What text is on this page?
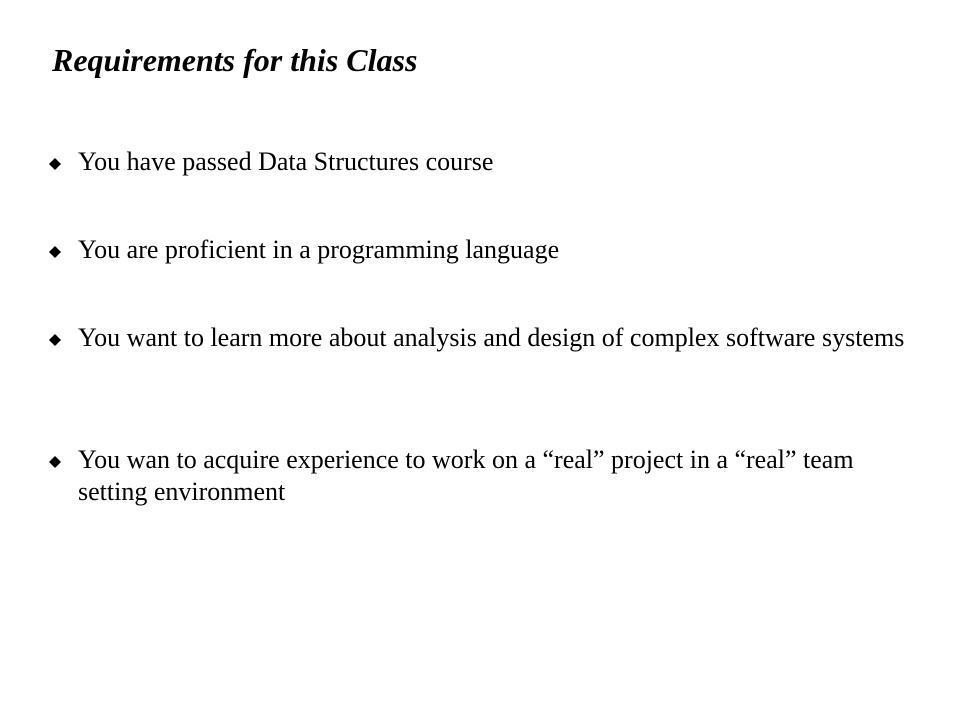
Requirements for this Class
You have passed Data Structures course
You are proficient in a programming language
You want to learn more about analysis and design of complex software systems
You wan to acquire experience to work on a “real” project in a “real” team setting environment
